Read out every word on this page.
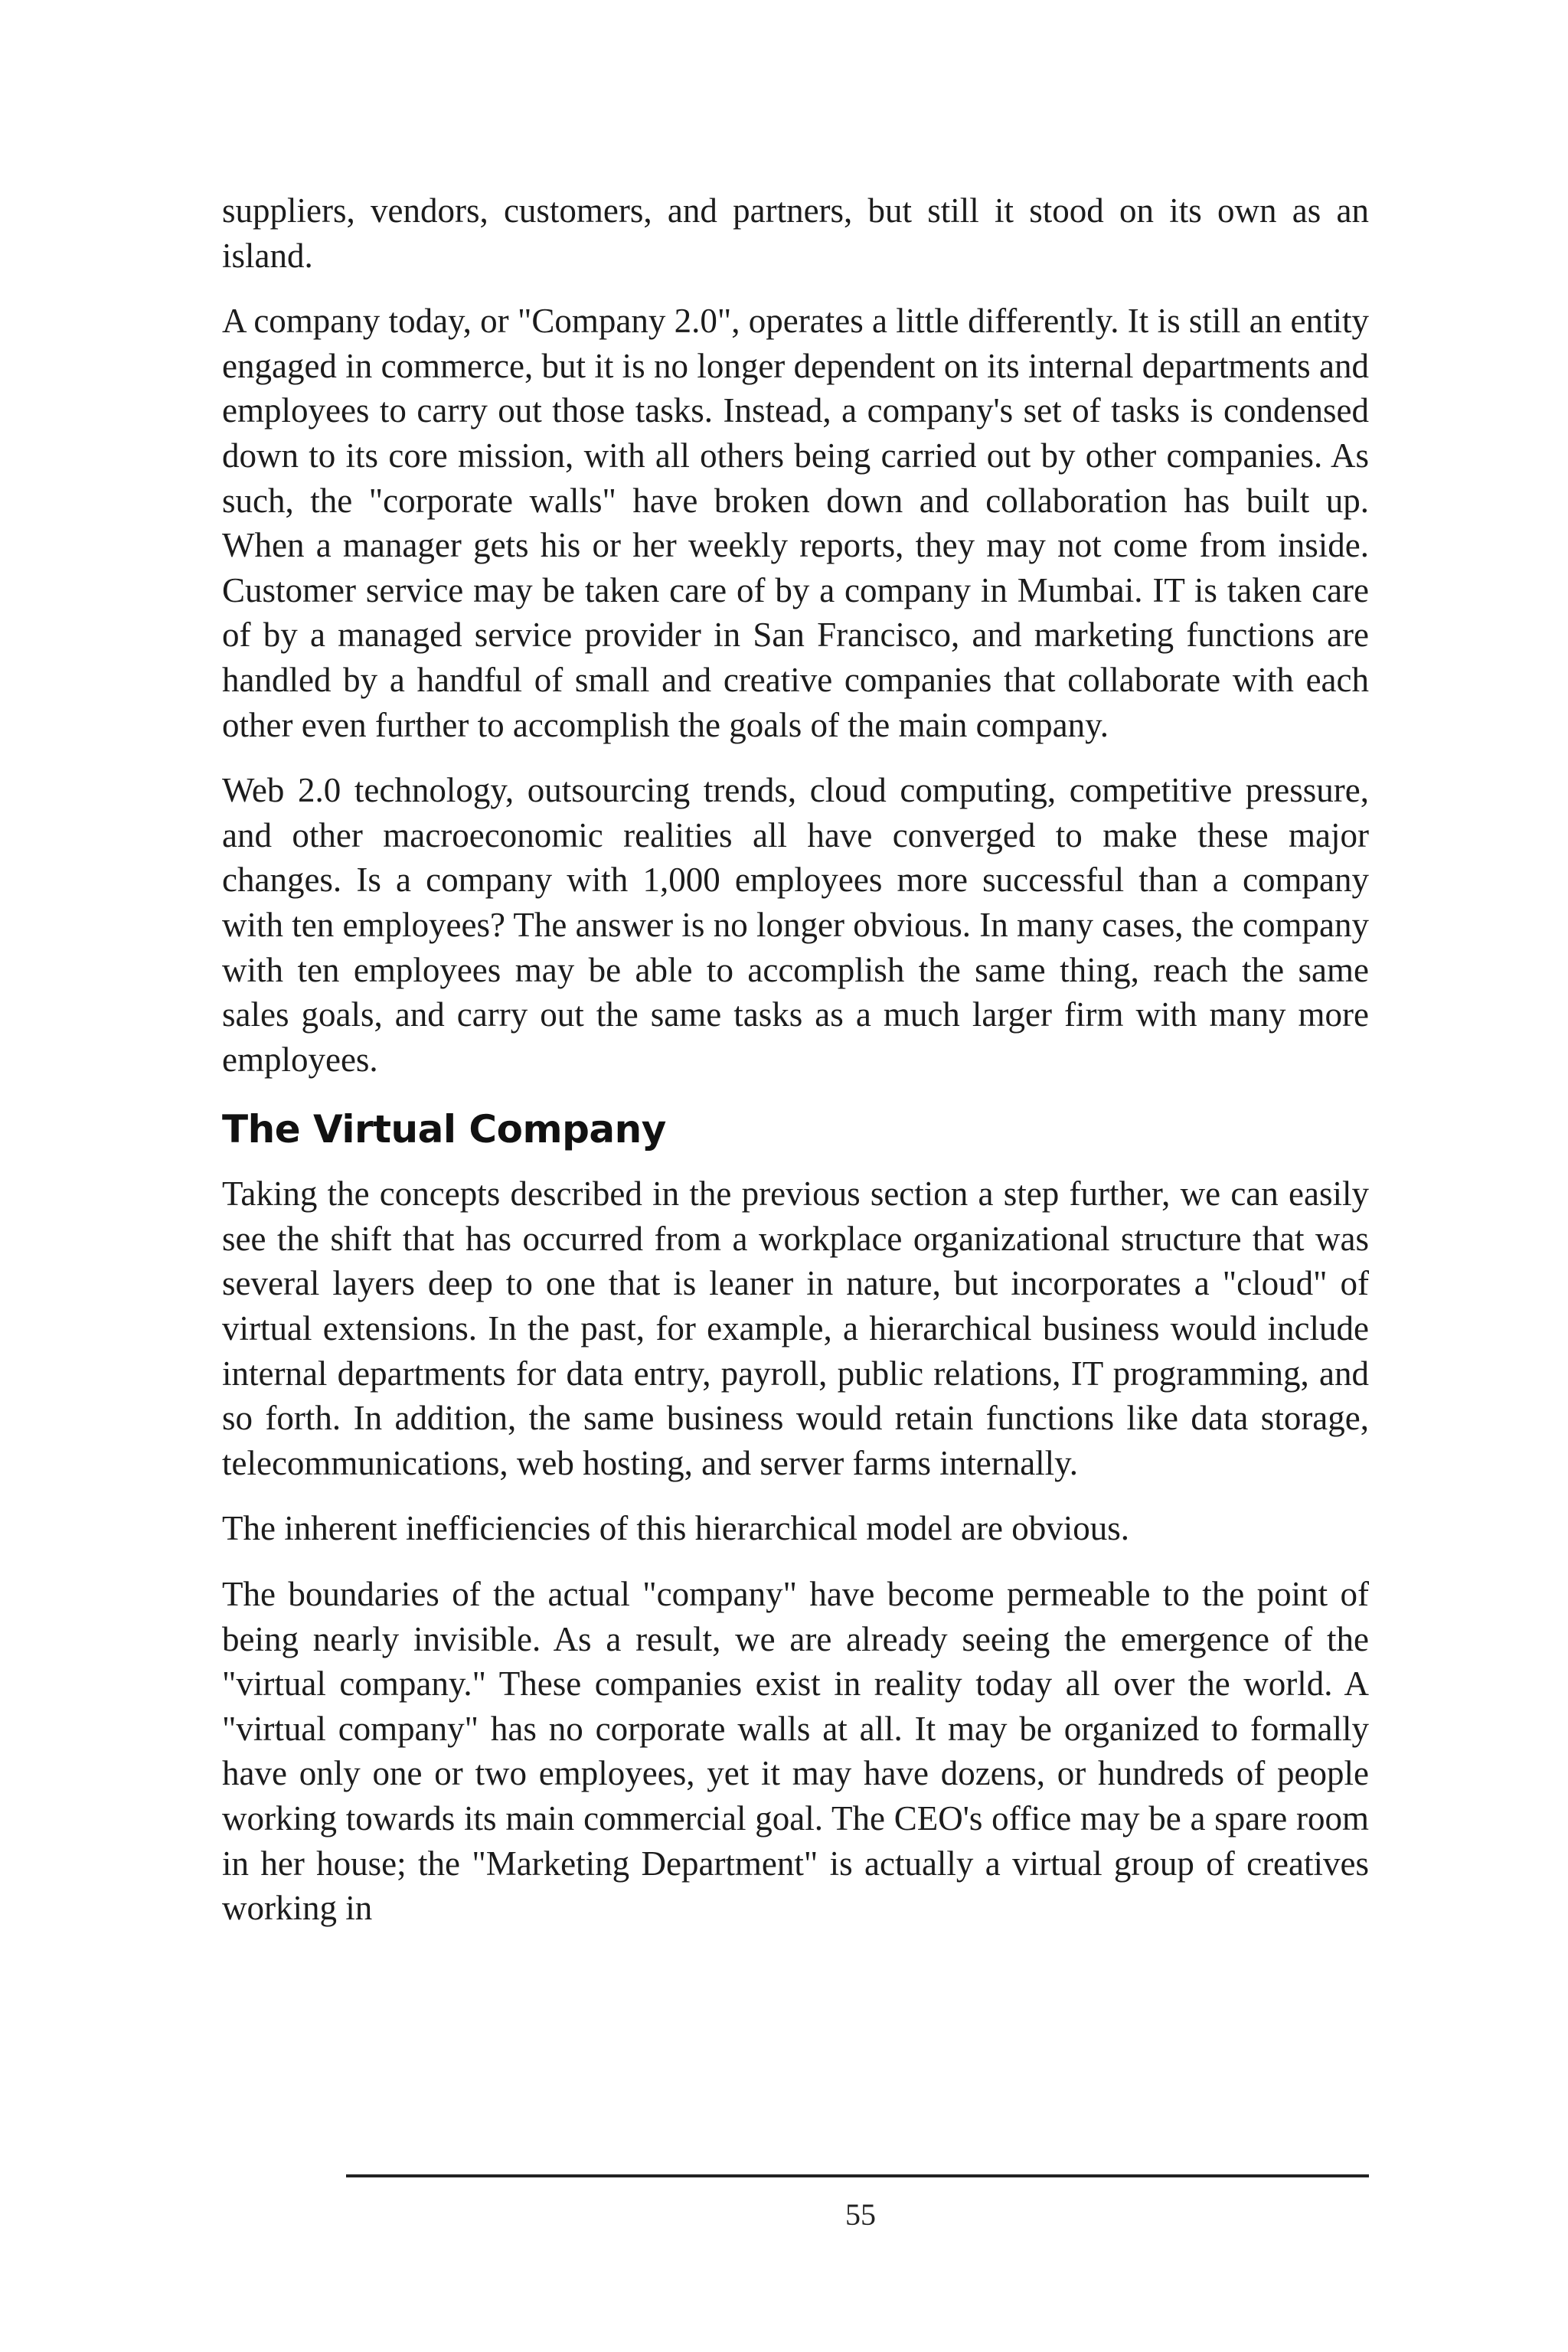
suppliers, vendors, customers, and partners, but still it stood on its own as an island.

A company today, or "Company 2.0", operates a little differently. It is still an entity engaged in commerce, but it is no longer dependent on its internal departments and employees to carry out those tasks. Instead, a company's set of tasks is condensed down to its core mission, with all others being carried out by other companies. As such, the "corporate walls" have broken down and collaboration has built up. When a manager gets his or her weekly reports, they may not come from inside. Customer service may be taken care of by a company in Mumbai. IT is taken care of by a managed service provider in San Francisco, and marketing functions are handled by a handful of small and creative companies that collaborate with each other even further to accomplish the goals of the main company.

Web 2.0 technology, outsourcing trends, cloud computing, competitive pressure, and other macroeconomic realities all have converged to make these major changes. Is a company with 1,000 employees more successful than a company with ten employees? The answer is no longer obvious. In many cases, the company with ten employees may be able to accomplish the same thing, reach the same sales goals, and carry out the same tasks as a much larger firm with many more employees.

The Virtual Company

Taking the concepts described in the previous section a step further, we can easily see the shift that has occurred from a workplace organizational structure that was several layers deep to one that is leaner in nature, but incorporates a "cloud" of virtual extensions. In the past, for example, a hierarchical business would include internal departments for data entry, payroll, public relations, IT programming, and so forth. In addition, the same business would retain functions like data storage, telecommunications, web hosting, and server farms internally.

The inherent inefficiencies of this hierarchical model are obvious.

The boundaries of the actual "company" have become permeable to the point of being nearly invisible. As a result, we are already seeing the emergence of the "virtual company." These companies exist in reality today all over the world. A "virtual company" has no corporate walls at all. It may be organized to formally have only one or two employees, yet it may have dozens, or hundreds of people working towards its main commercial goal. The CEO's office may be a spare room in her house; the "Marketing Department" is actually a virtual group of creatives working in

55
